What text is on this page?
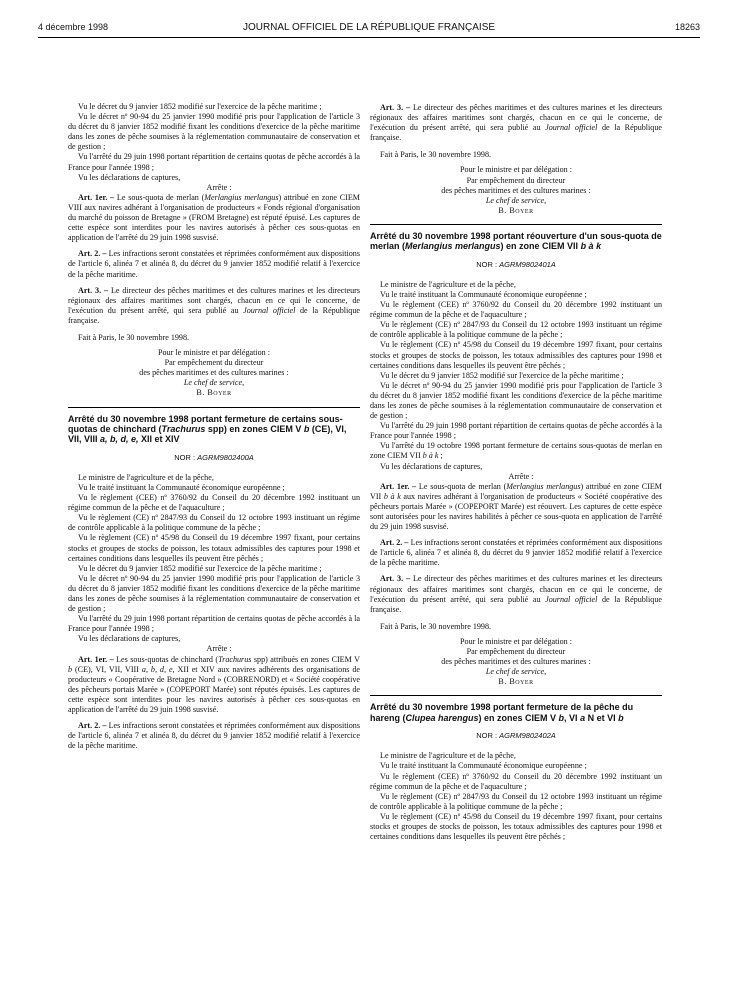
4 décembre 1998	JOURNAL OFFICIEL DE LA RÉPUBLIQUE FRANÇAISE	18263

Vu le décret du 9 janvier 1852 modifié sur l'exercice de la pêche maritime ;

Vu le décret nº 90-94 du 25 janvier 1990 modifié pris pour l'application de l'article 3 du décret du 8 janvier 1852 modifié fixant les conditions d'exercice de la pêche maritime dans les zones de pêche soumises à la réglementation communautaire de conservation et de gestion ;

Vu l'arrêté du 29 juin 1998 portant répartition de certains quotas de pêche accordés à la France pour l'année 1998 ;

Vu les déclarations de captures,

Arrête :

Art. 1er. – Le sous-quota de merlan (Merlangius merlangus) attribué en zone CIEM VIII aux navires adhérant à l'organisation de producteurs « Fonds régional d'organisation du marché du poisson de Bretagne » (FROM Bretagne) est réputé épuisé. Les captures de cette espèce sont interdites pour les navires autorisés à pêcher ces sous-quotas en application de l'arrêté du 29 juin 1998 susvisé.

Art. 2. – Les infractions seront constatées et réprimées conformément aux dispositions de l'article 6, alinéa 7 et alinéa 8, du décret du 9 janvier 1852 modifié relatif à l'exercice de la pêche maritime.

Art. 3. – Le directeur des pêches maritimes et des cultures marines et les directeurs régionaux des affaires maritimes sont chargés, chacun en ce qui le concerne, de l'exécution du présent arrêté, qui sera publié au Journal officiel de la République française.

Fait à Paris, le 30 novembre 1998.

Pour le ministre et par délégation :

Par empêchement du directeur

des pêches maritimes et des cultures marines :

Le chef de service,

B. Boyer

Arrêté du 30 novembre 1998 portant fermeture de certains sous-quotas de chinchard (Trachurus spp) en zones CIEM V b (CE), VI, VII, VIII a, b, d, e, XII et XIV
NOR : AGRM9802400A

Le ministre de l'agriculture et de la pêche,

Vu le traité instituant la Communauté économique européenne ;

Vu le règlement (CEE) nº 3760/92 du Conseil du 20 décembre 1992 instituant un régime commun de la pêche et de l'aquaculture ;

Vu le règlement (CE) nº 2847/93 du Conseil du 12 octobre 1993 instituant un régime de contrôle applicable à la politique commune de la pêche ;

Vu le règlement (CE) nº 45/98 du Conseil du 19 décembre 1997 fixant, pour certains stocks et groupes de stocks de poisson, les totaux admissibles des captures pour 1998 et certaines conditions dans lesquelles ils peuvent être pêchés ;

Vu le décret du 9 janvier 1852 modifié sur l'exercice de la pêche maritime ;

Vu le décret nº 90-94 du 25 janvier 1990 modifié pris pour l'application de l'article 3 du décret du 8 janvier 1852 modifié fixant les conditions d'exercice de la pêche maritime dans les zones de pêche soumises à la réglementation communautaire de conservation et de gestion ;

Vu l'arrêté du 29 juin 1998 portant répartition de certains quotas de pêche accordés à la France pour l'année 1998 ;

Vu les déclarations de captures,

Arrête :

Art. 1er. – Les sous-quotas de chinchard (Trachurus spp) attribués en zones CIEM V b (CE), VI, VII, VIII a, b, d, e, XII et XIV aux navires adhérents des organisations de producteurs « Coopérative de Bretagne Nord » (COBRENORD) et « Société coopérative des pêcheurs portais Marée » (COPEPORT Marée) sont réputés épuisés. Les captures de cette espèce sont interdites pour les navires autorisés à pêcher ces sous-quotas en application de l'arrêté du 29 juin 1998 susvisé.

Art. 2. – Les infractions seront constatées et réprimées conformément aux dispositions de l'article 6, alinéa 7 et alinéa 8, du décret du 9 janvier 1852 modifié relatif à l'exercice de la pêche maritime.

Art. 3. – Le directeur des pêches maritimes et des cultures marines et les directeurs régionaux des affaires maritimes sont chargés, chacun en ce qui le concerne, de l'exécution du présent arrêté, qui sera publié au Journal officiel de la République française.

Fait à Paris, le 30 novembre 1998.

Pour le ministre et par délégation :

Par empêchement du directeur

des pêches maritimes et des cultures marines :

Le chef de service,

B. Boyer

Arrêté du 30 novembre 1998 portant réouverture d'un sous-quota de merlan (Merlangius merlangus) en zone CIEM VII b à k
NOR : AGRM9802401A

Le ministre de l'agriculture et de la pêche,

Vu le traité instituant la Communauté économique européenne ;

Vu le règlement (CEE) nº 3760/92 du Conseil du 20 décembre 1992 instituant un régime commun de la pêche et de l'aquaculture ;

Vu le règlement (CE) nº 2847/93 du Conseil du 12 octobre 1993 instituant un régime de contrôle applicable à la politique commune de la pêche ;

Vu le règlement (CE) nº 45/98 du Conseil du 19 décembre 1997 fixant, pour certains stocks et groupes de stocks de poisson, les totaux admissibles des captures pour 1998 et certaines conditions dans lesquelles ils peuvent être pêchés ;

Vu le décret du 9 janvier 1852 modifié sur l'exercice de la pêche maritime ;

Vu le décret nº 90-94 du 25 janvier 1990 modifié pris pour l'application de l'article 3 du décret du 8 janvier 1852 modifié fixant les conditions d'exercice de la pêche maritime dans les zones de pêche soumises à la réglementation communautaire de conservation et de gestion ;

Vu l'arrêté du 29 juin 1998 portant répartition de certains quotas de pêche accordés à la France pour l'année 1998 ;

Vu l'arrêté du 19 octobre 1998 portant fermeture de certains sous-quotas de merlan en zone CIEM VII b à k ;

Vu les déclarations de captures,

Arrête :

Art. 1er. – Le sous-quota de merlan (Merlangius merlangus) attribué en zone CIEM VII b à k aux navires adhérant à l'organisation de producteurs « Société coopérative des pêcheurs portais Marée » (COPEPORT Marée) est réouvert. Les captures de cette espèce sont autorisées pour les navires habilités à pêcher ce sous-quota en application de l'arrêté du 29 juin 1998 susvisé.

Art. 2. – Les infractions seront constatées et réprimées conformément aux dispositions de l'article 6, alinéa 7 et alinéa 8, du décret du 9 janvier 1852 modifié relatif à l'exercice de la pêche maritime.

Art. 3. – Le directeur des pêches maritimes et des cultures marines et les directeurs régionaux des affaires maritimes sont chargés, chacun en ce qui le concerne, de l'exécution du présent arrêté, qui sera publié au Journal officiel de la République française.

Fait à Paris, le 30 novembre 1998.

Pour le ministre et par délégation :

Par empêchement du directeur

des pêches maritimes et des cultures marines :

Le chef de service,

B. Boyer

Arrêté du 30 novembre 1998 portant fermeture de la pêche du hareng (Clupea harengus) en zones CIEM V b, VI a N et VI b
NOR : AGRM9802402A

Le ministre de l'agriculture et de la pêche,

Vu le traité instituant la Communauté économique européenne ;

Vu le règlement (CEE) nº 3760/92 du Conseil du 20 décembre 1992 instituant un régime commun de la pêche et de l'aquaculture ;

Vu le règlement (CE) nº 2847/93 du Conseil du 12 octobre 1993 instituant un régime de contrôle applicable à la politique commune de la pêche ;

Vu le règlement (CE) nº 45/98 du Conseil du 19 décembre 1997 fixant, pour certains stocks et groupes de stocks de poisson, les totaux admissibles des captures pour 1998 et certaines conditions dans lesquelles ils peuvent être pêchés ;
